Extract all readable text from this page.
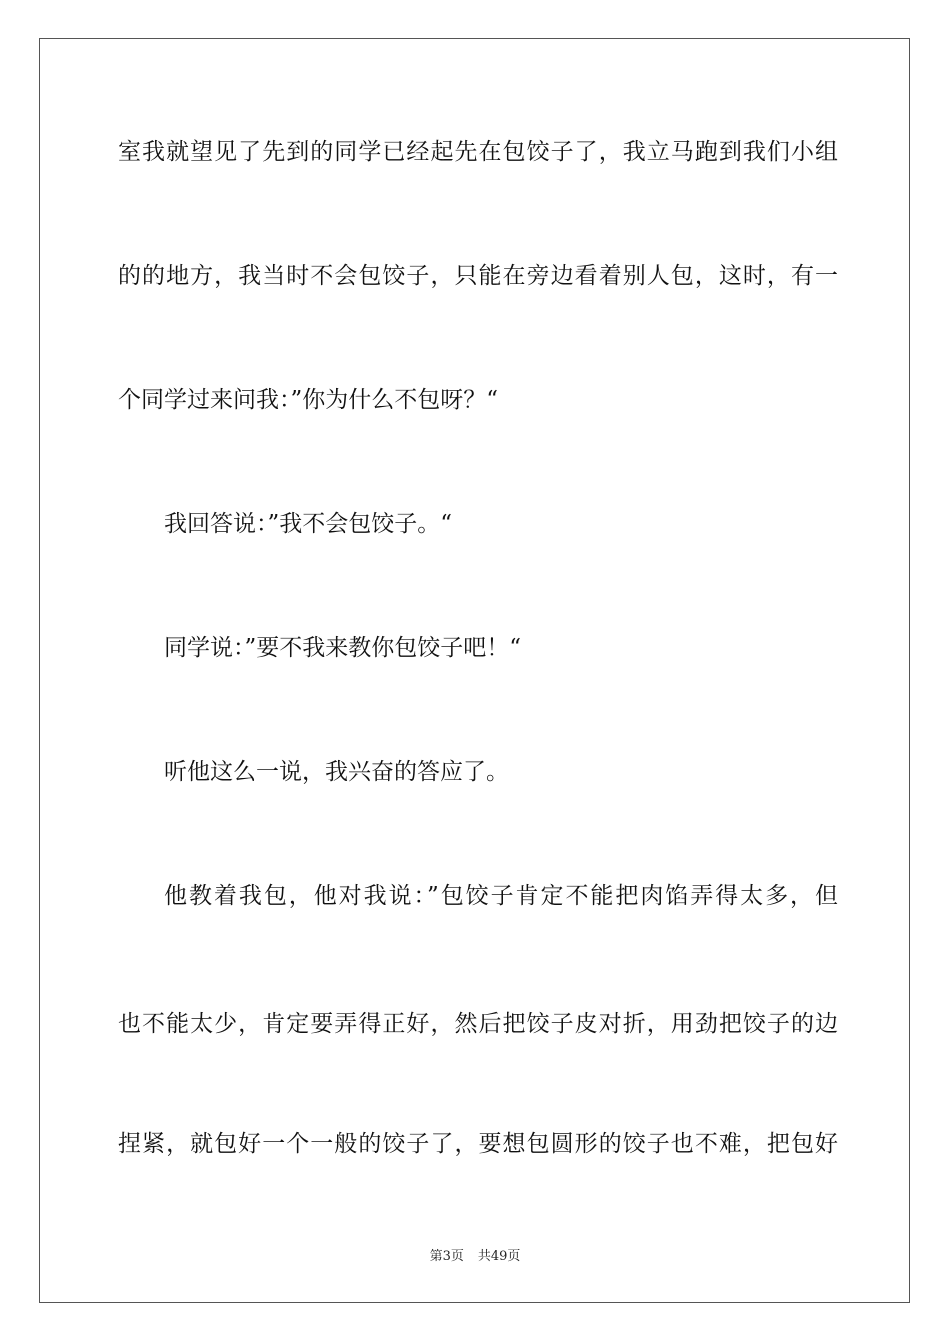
室我就望见了先到的同学已经起先在包饺子了，我立马跑到我们小组
的的地方，我当时不会包饺子，只能在旁边看着别人包，这时，有一
个同学过来问我：”你为什么不包呀？“
我回答说：”我不会包饺子。“
同学说：”要不我来教你包饺子吧！“
听他这么一说，我兴奋的答应了。
他教着我包，他对我说：”包饺子肯定不能把肉馅弄得太多，但
也不能太少，肯定要弄得正好，然后把饺子皮对折，用劲把饺子的边
捏紧，就包好一个一般的饺子了，要想包圆形的饺子也不难，把包好
第3页 共49页
